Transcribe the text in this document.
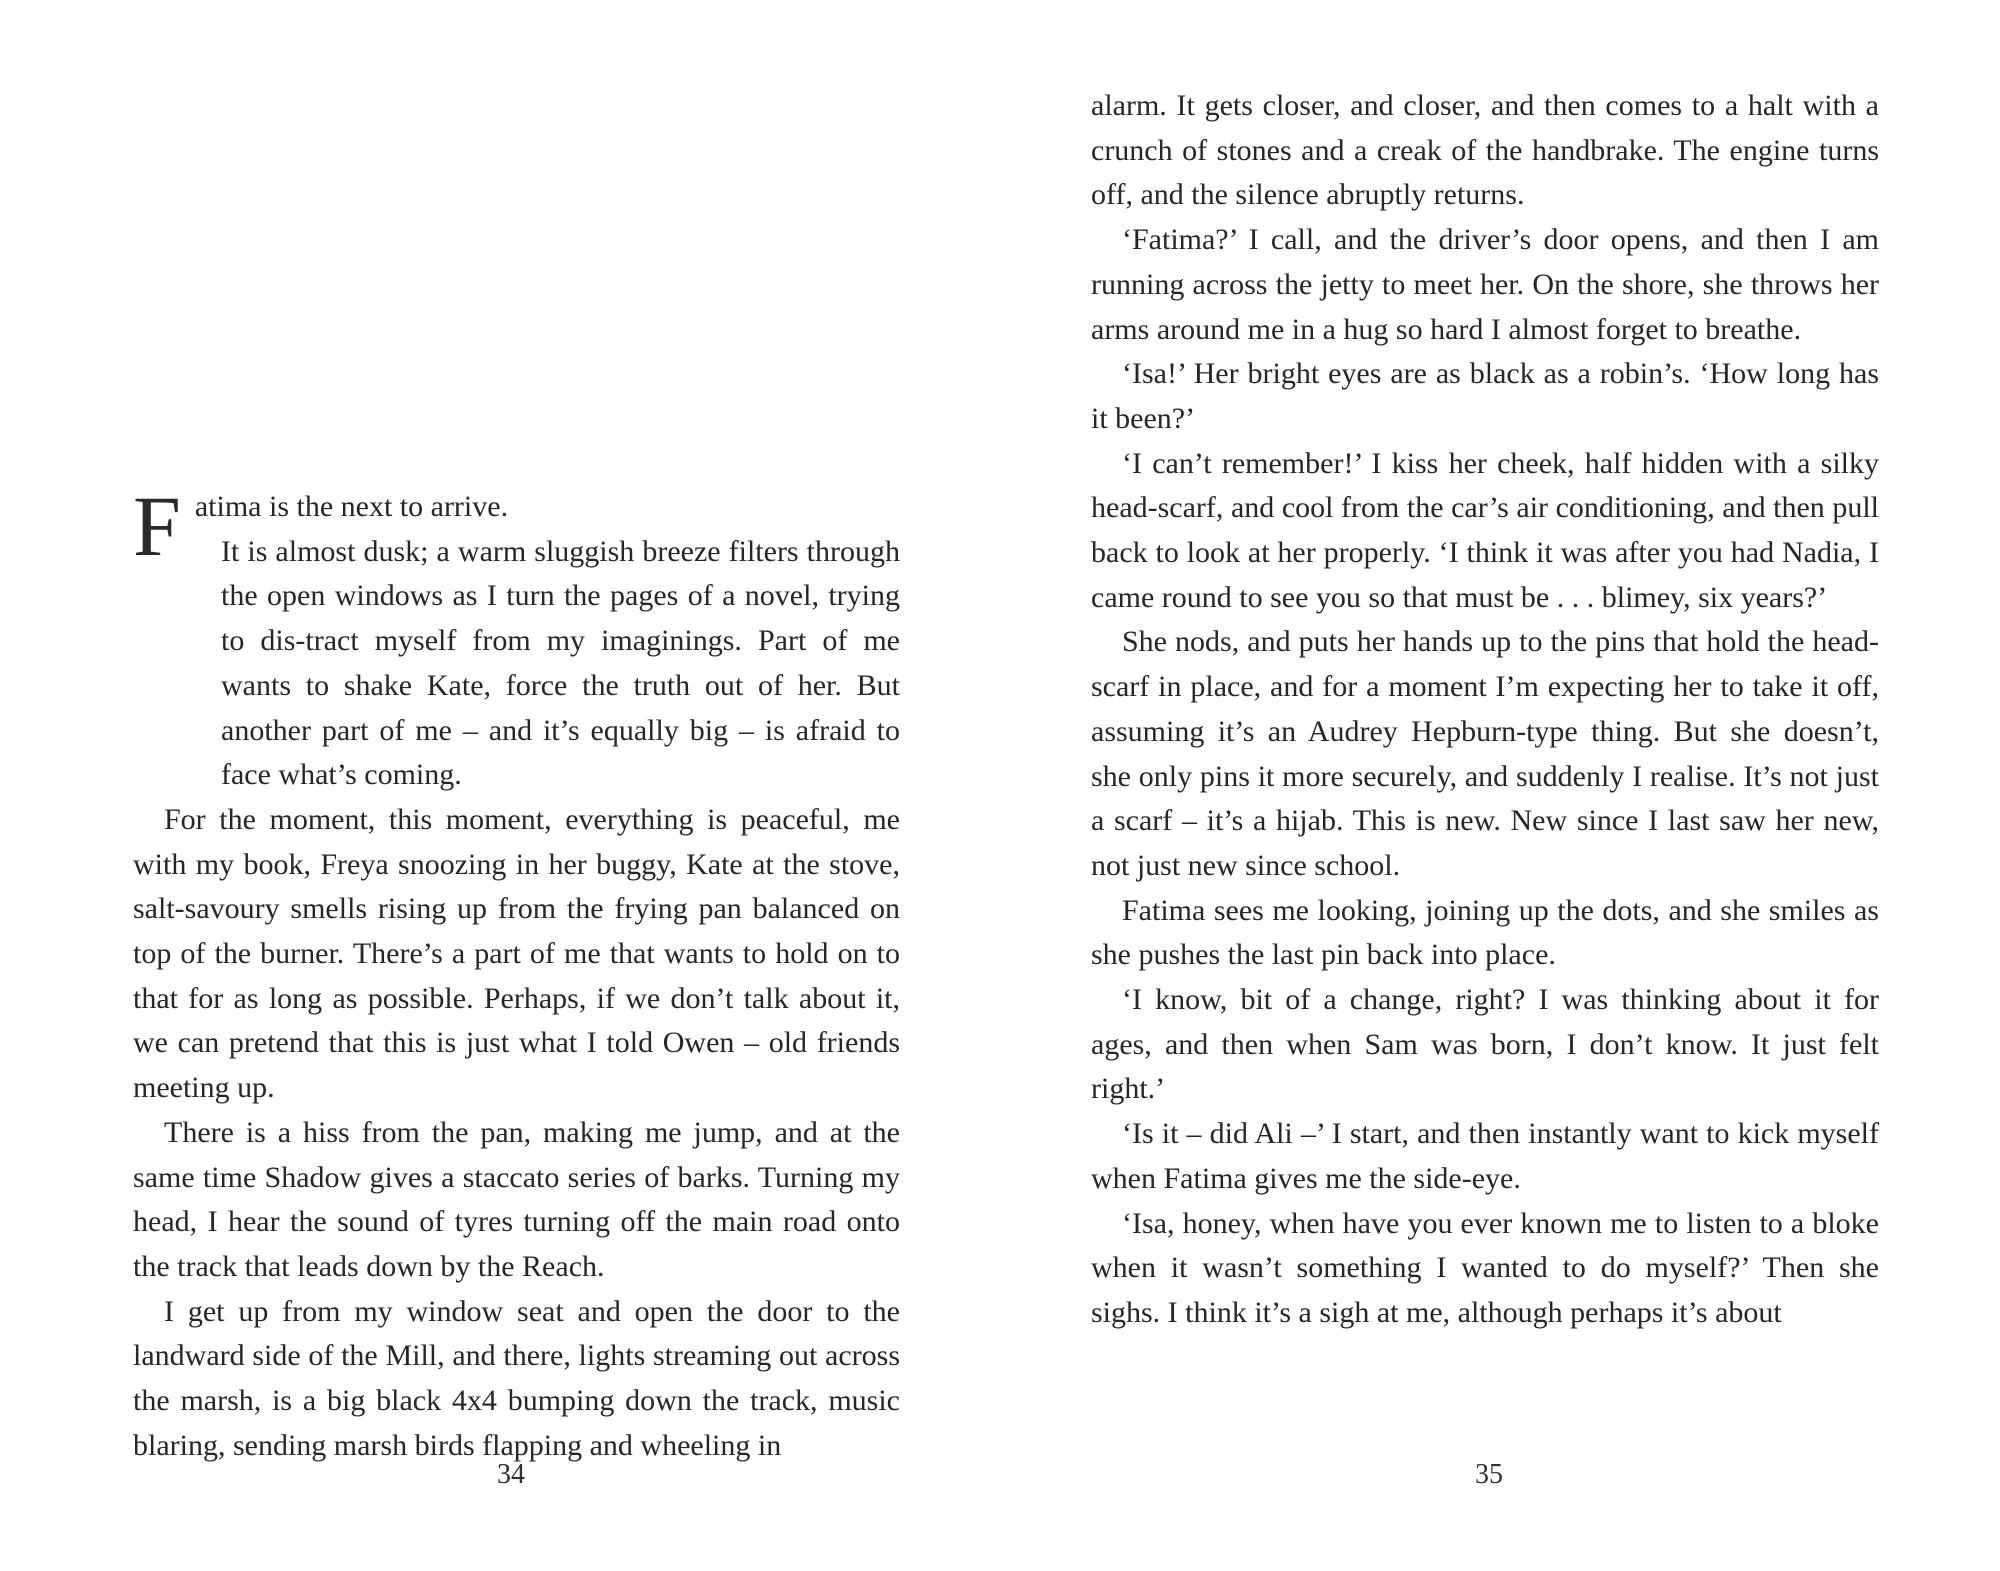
Fatima is the next to arrive.
It is almost dusk; a warm sluggish breeze filters through the open windows as I turn the pages of a novel, trying to dis-tract myself from my imaginings. Part of me wants to shake Kate, force the truth out of her. But another part of me – and it’s equally big – is afraid to face what’s coming.

For the moment, this moment, everything is peaceful, me with my book, Freya snoozing in her buggy, Kate at the stove, salt-savoury smells rising up from the frying pan balanced on top of the burner. There’s a part of me that wants to hold on to that for as long as possible. Perhaps, if we don’t talk about it, we can pretend that this is just what I told Owen – old friends meeting up.

There is a hiss from the pan, making me jump, and at the same time Shadow gives a staccato series of barks. Turning my head, I hear the sound of tyres turning off the main road onto the track that leads down by the Reach.

I get up from my window seat and open the door to the landward side of the Mill, and there, lights streaming out across the marsh, is a big black 4x4 bumping down the track, music blaring, sending marsh birds flapping and wheeling in

34

alarm. It gets closer, and closer, and then comes to a halt with a crunch of stones and a creak of the handbrake. The engine turns off, and the silence abruptly returns.

‘Fatima?’ I call, and the driver’s door opens, and then I am running across the jetty to meet her. On the shore, she throws her arms around me in a hug so hard I almost forget to breathe.

‘Isa!’ Her bright eyes are as black as a robin’s. ‘How long has it been?’

‘I can’t remember!’ I kiss her cheek, half hidden with a silky head-scarf, and cool from the car’s air conditioning, and then pull back to look at her properly. ‘I think it was after you had Nadia, I came round to see you so that must be . . . blimey, six years?’

She nods, and puts her hands up to the pins that hold the head-scarf in place, and for a moment I’m expecting her to take it off, assuming it’s an Audrey Hepburn-type thing. But she doesn’t, she only pins it more securely, and suddenly I realise. It’s not just a scarf – it’s a hijab. This is new. New since I last saw her new, not just new since school.

Fatima sees me looking, joining up the dots, and she smiles as she pushes the last pin back into place.

‘I know, bit of a change, right? I was thinking about it for ages, and then when Sam was born, I don’t know. It just felt right.’

‘Is it – did Ali –’ I start, and then instantly want to kick myself when Fatima gives me the side-eye.

‘Isa, honey, when have you ever known me to listen to a bloke when it wasn’t something I wanted to do myself?’ Then she sighs. I think it’s a sigh at me, although perhaps it’s about

35
